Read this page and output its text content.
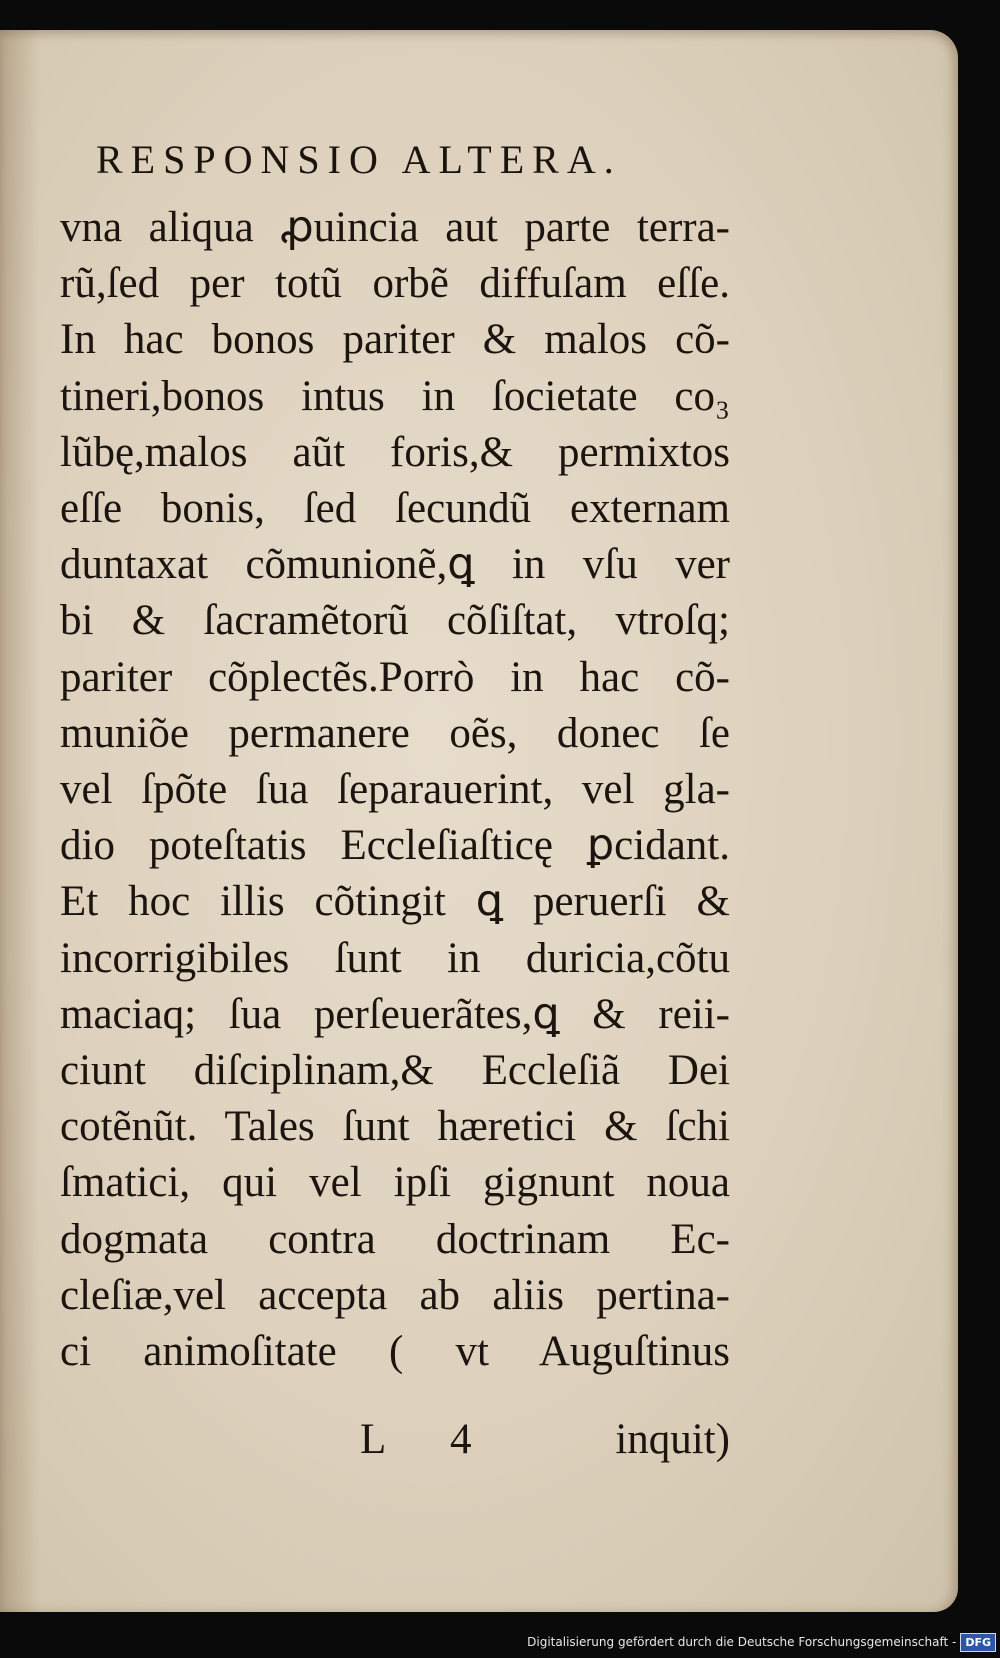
RESPONSIO ALTERA.
vna aliqua ꝓuincia aut parte terra-
rũ,ſed per totũ orbẽ diffuſam eſſe.
In hac bonos pariter & malos cõ-
tineri,bonos intus in ſocietate co₃
lũbę,malos aũt foris,& permixtos
eſſe bonis, ſed ſecundũ externam
duntaxat cõmunionẽ,ꝗ in vſu ver
bi & ſacramẽtorũ cõſiſtat, vtroſq;
pariter cõplectẽs.Porrò in hac cõ-
muniõe permanere oẽs, donec ſe
vel ſpõte ſua ſeparauerint, vel gla-
dio poteſtatis Eccleſiaſticę ꝑcidant.
Et hoc illis cõtingit ꝗ peruerſi &
incorrigibiles ſunt in duricia,cõtu
maciaq; ſua perſeuerãtes,ꝗ & reii-
ciunt diſciplinam,& Eccleſiã Dei
cotẽnũt. Tales ſunt hæretici & ſchi
ſmatici, qui vel ipſi gignunt noua
dogmata contra doctrinam Ec-
cleſiæ,vel accepta ab aliis pertina-
ci animoſitate ( vt Auguſtinus
L 4	inquit)
Digitalisierung gefördert durch die Deutsche Forschungsgemeinschaft - DFG
